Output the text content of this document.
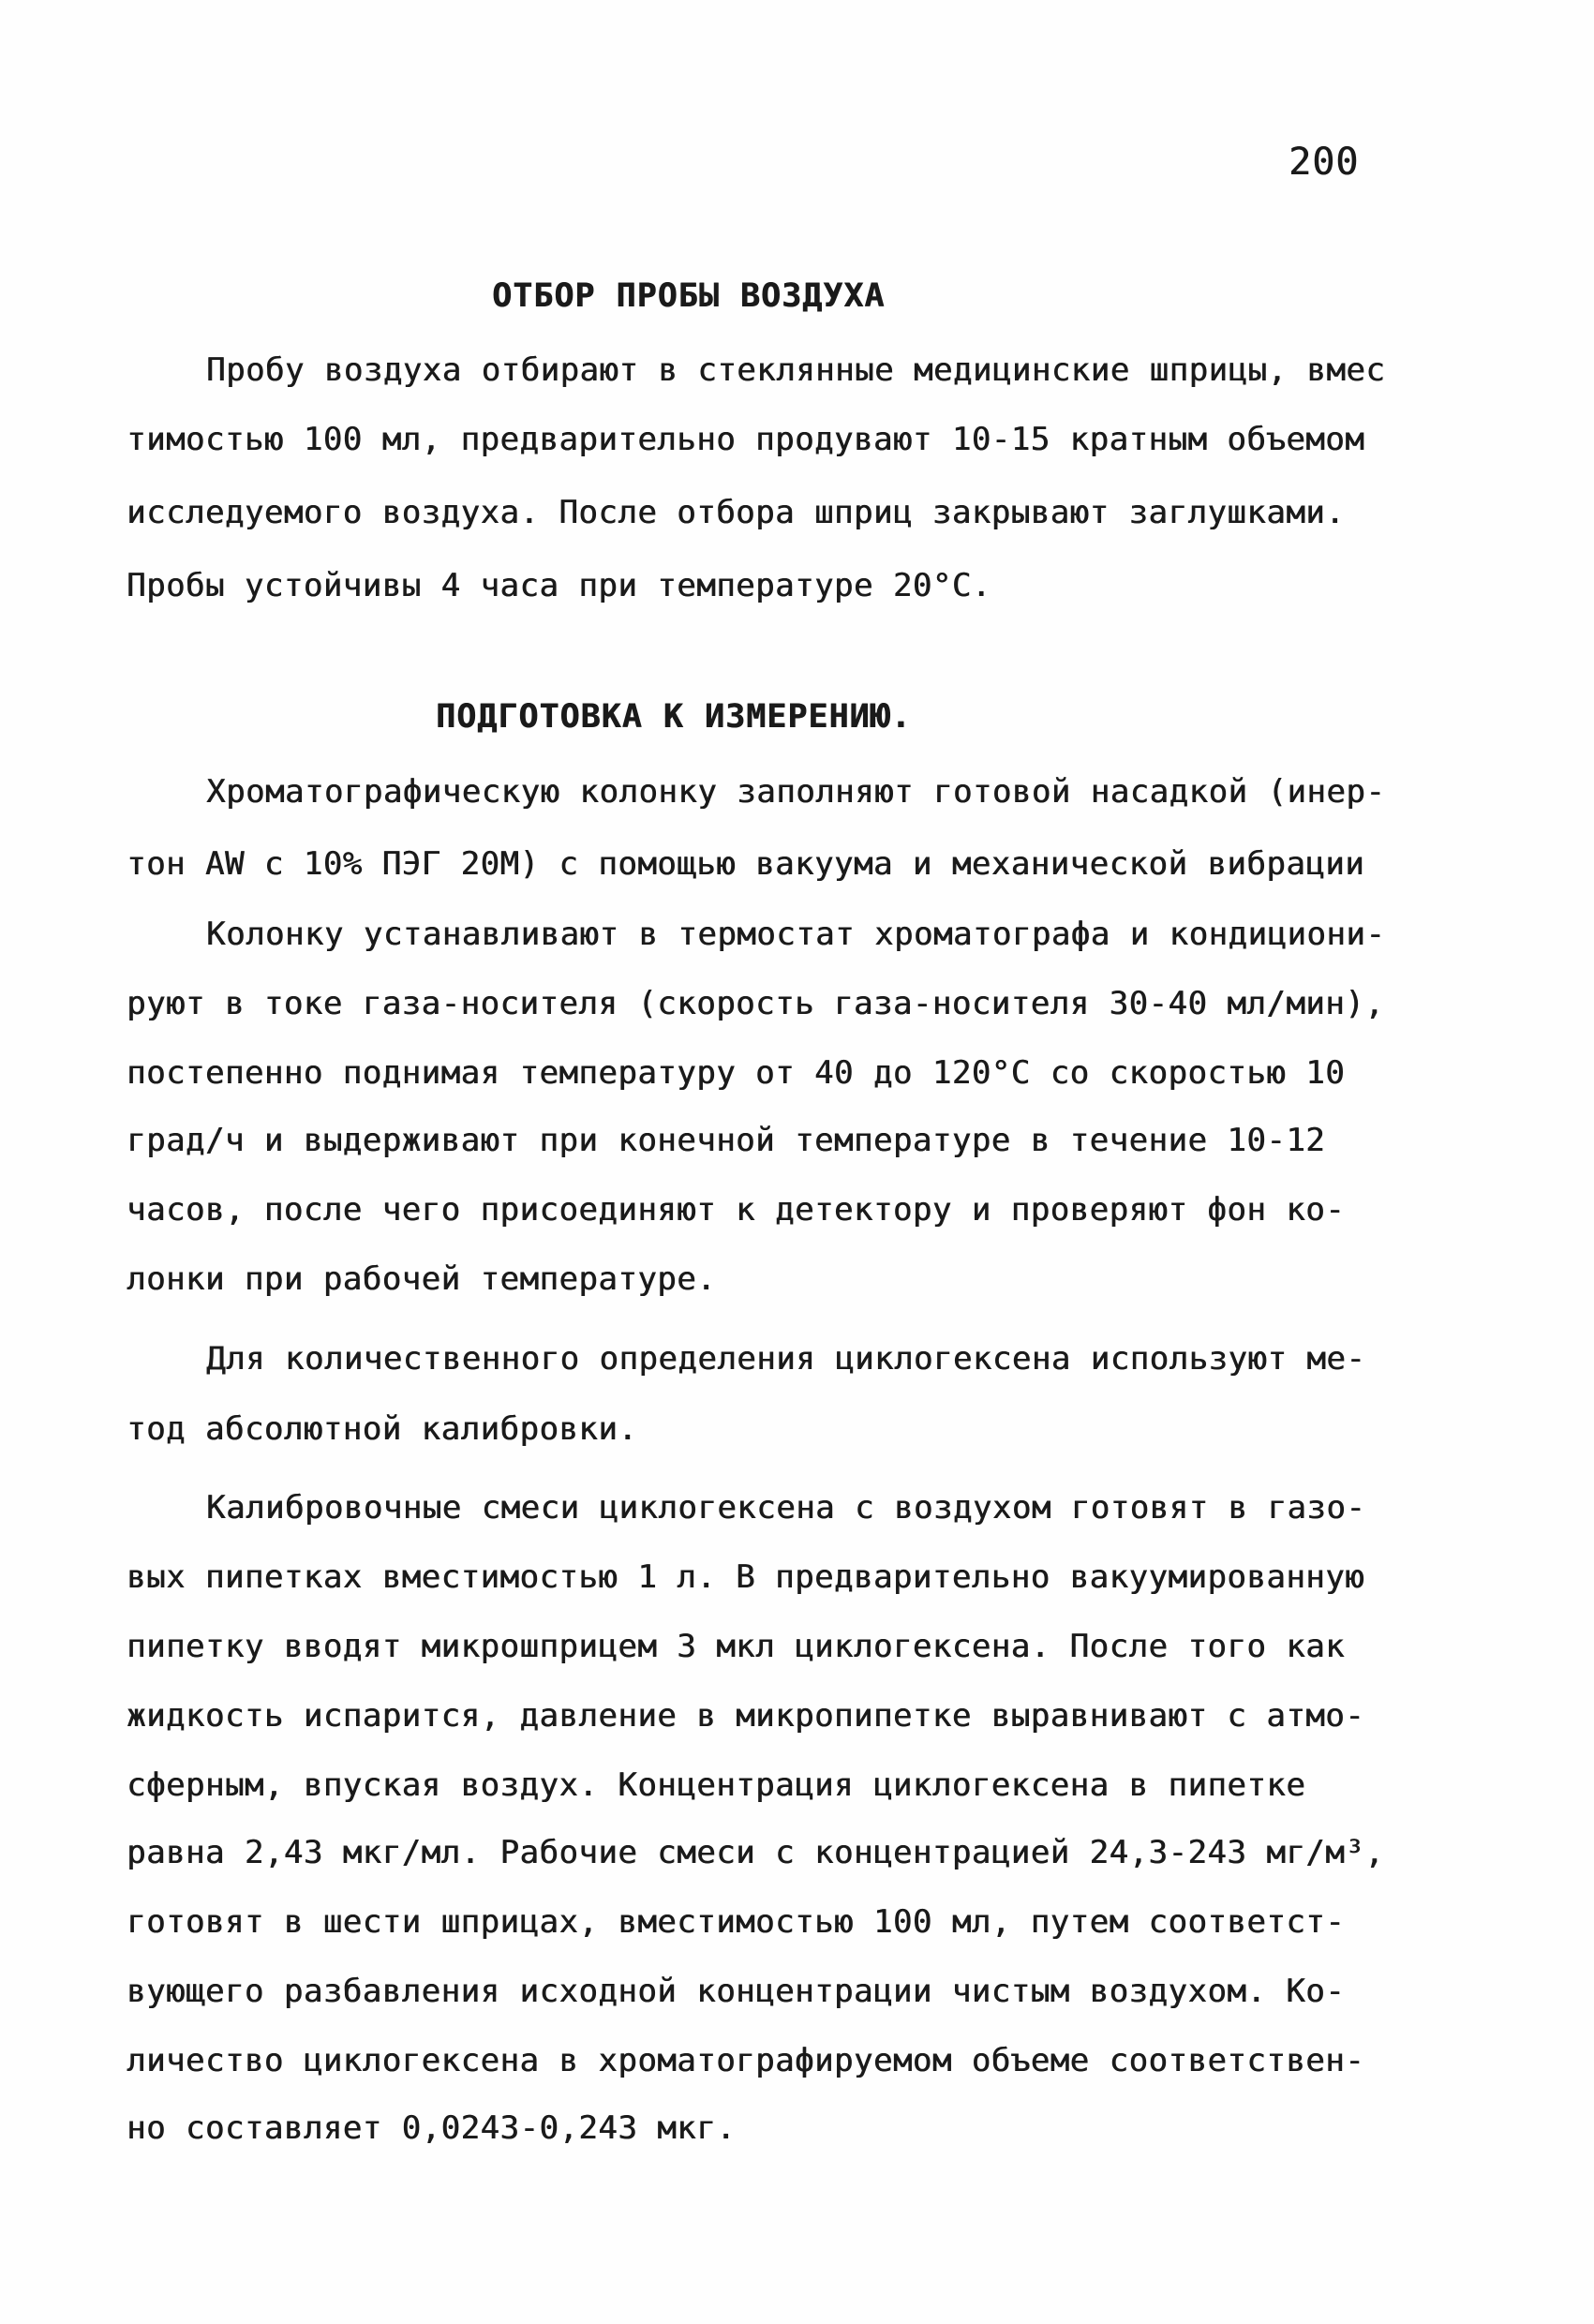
200
ОТБОР ПРОБЫ ВОЗДУХА
Пробу воздуха отбирают в стеклянные медицинские шприцы, вмес
тимостью 100 мл, предварительно продувают 10-15 кратным объемом
исследуемого воздуха. После отбора шприц закрывают заглушками.
Пробы устойчивы 4 часа при температуре 20°С.
ПОДГОТОВКА К ИЗМЕРЕНИЮ.
Хроматографическую колонку заполняют готовой насадкой (инер-
тон AW с 10% ПЭГ 20М) с помощью вакуума и механической вибрации
Колонку устанавливают в термостат хроматографа и кондициони-
руют в токе газа-носителя (скорость газа-носителя 30-40 мл/мин),
постепенно поднимая температуру от 40 до 120°С со скоростью 10
град/ч и выдерживают при конечной температуре в течение 10-12
часов, после чего присоединяют к детектору и проверяют фон ко-
лонки при рабочей температуре.
Для количественного определения циклогексена используют ме-
тод абсолютной калибровки.
Калибровочные смеси циклогексена с воздухом готовят в газо-
вых пипетках вместимостью 1 л. В предварительно вакуумированную
пипетку вводят микрошприцем 3 мкл циклогексена. После того как
жидкость испарится, давление в микропипетке выравнивают с атмо-
сферным, впуская воздух. Концентрация циклогексена в пипетке
равна 2,43 мкг/мл. Рабочие смеси с концентрацией 24,3-243 мг/м³,
готовят в шести шприцах, вместимостью 100 мл, путем соответст-
вующего разбавления исходной концентрации чистым воздухом. Ко-
личество циклогексена в хроматографируемом объеме соответствен-
но составляет 0,0243-0,243 мкг.
